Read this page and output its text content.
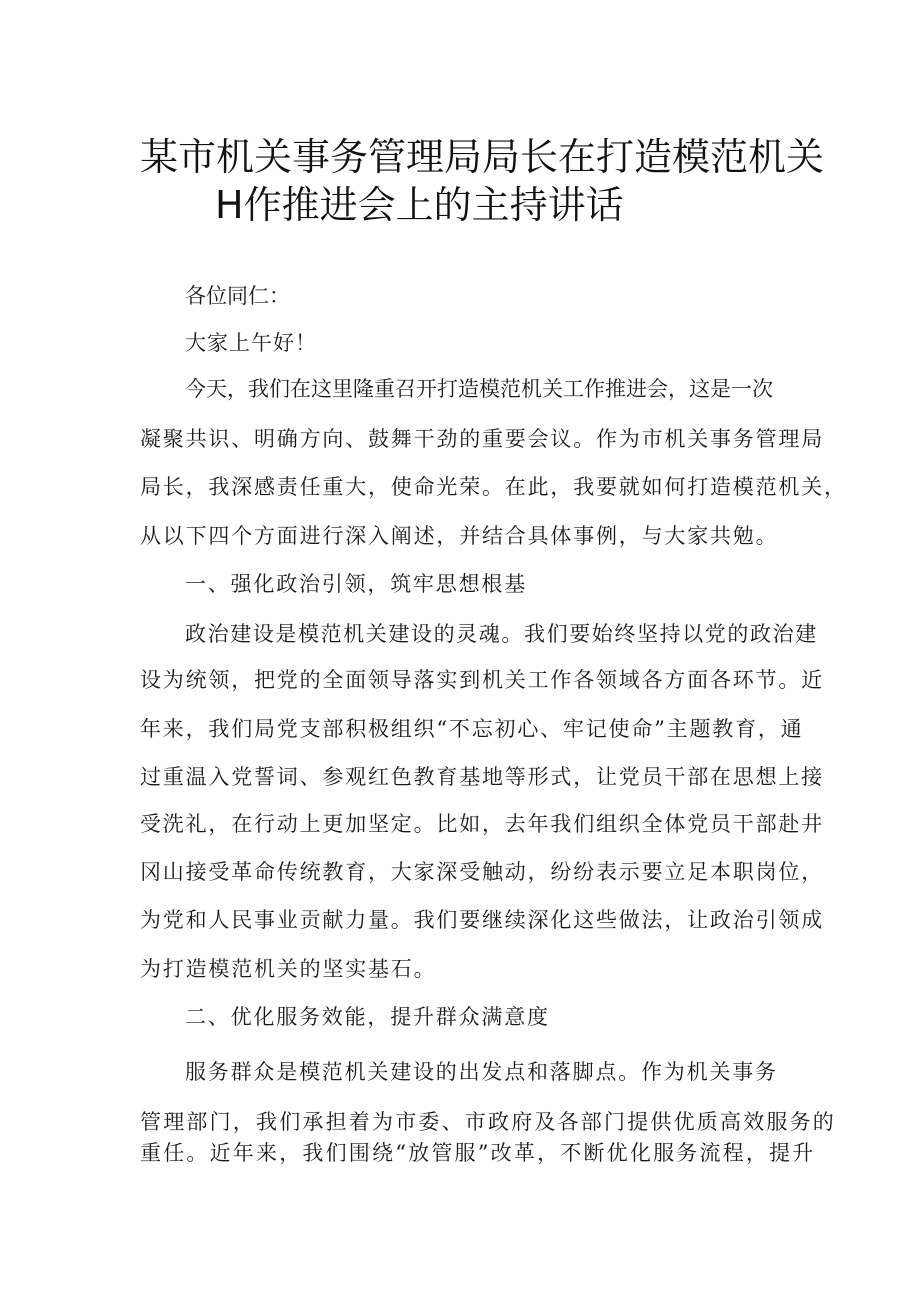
某市机关事务管理局局长在打造模范机关
H作推进会上的主持讲话
各位同仁：
大家上午好！
今天，我们在这里隆重召开打造模范机关工作推进会，这是一次
凝聚共识、明确方向、鼓舞干劲的重要会议。作为市机关事务管理局
局长，我深感责任重大，使命光荣。在此，我要就如何打造模范机关，
从以下四个方面进行深入阐述，并结合具体事例，与大家共勉。
一、强化政治引领，筑牢思想根基
政治建设是模范机关建设的灵魂。我们要始终坚持以党的政治建
设为统领，把党的全面领导落实到机关工作各领域各方面各环节。近
年来，我们局党支部积极组织“不忘初心、牢记使命”主题教育，通
过重温入党誓词、参观红色教育基地等形式，让党员干部在思想上接
受洗礼，在行动上更加坚定。比如，去年我们组织全体党员干部赴井
冈山接受革命传统教育，大家深受触动，纷纷表示要立足本职岗位，
为党和人民事业贡献力量。我们要继续深化这些做法，让政治引领成
为打造模范机关的坚实基石。
二、优化服务效能，提升群众满意度
服务群众是模范机关建设的出发点和落脚点。作为机关事务
管理部门，我们承担着为市委、市政府及各部门提供优质高效服务的
重任。近年来，我们围绕“放管服”改革，不断优化服务流程，提升
